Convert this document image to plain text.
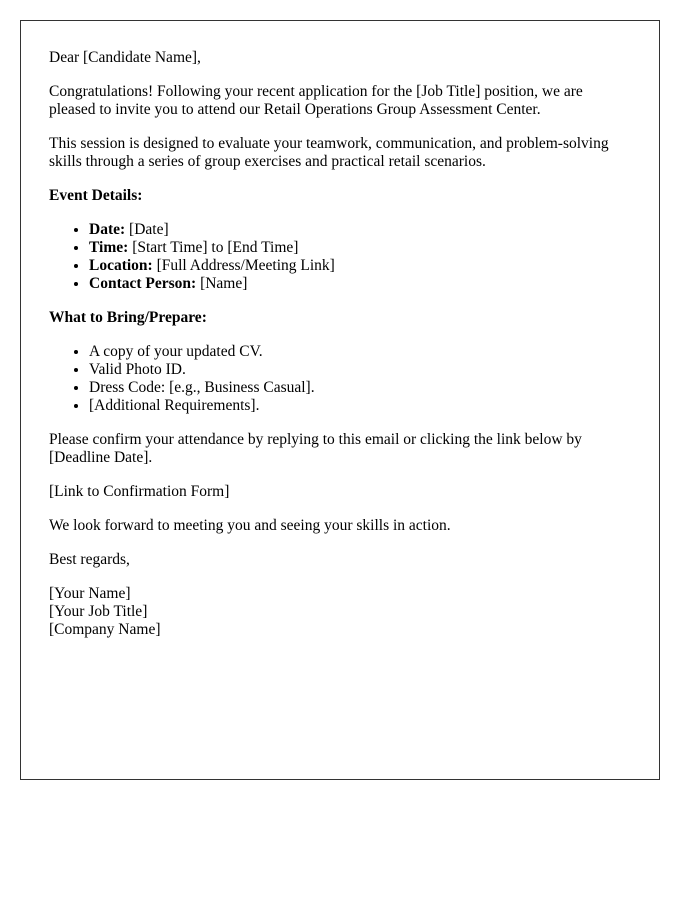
Dear [Candidate Name],

Congratulations! Following your recent application for the [Job Title] position, we are pleased to invite you to attend our Retail Operations Group Assessment Center.

This session is designed to evaluate your teamwork, communication, and problem-solving skills through a series of group exercises and practical retail scenarios.

Event Details:
• Date: [Date]
• Time: [Start Time] to [End Time]
• Location: [Full Address/Meeting Link]
• Contact Person: [Name]
What to Bring/Prepare:
• A copy of your updated CV.
• Valid Photo ID.
• Dress Code: [e.g., Business Casual].
• [Additional Requirements].

Please confirm your attendance by replying to this email or clicking the link below by [Deadline Date].

[Link to Confirmation Form]

We look forward to meeting you and seeing your skills in action.

Best regards,

[Your Name]
[Your Job Title]
[Company Name]
